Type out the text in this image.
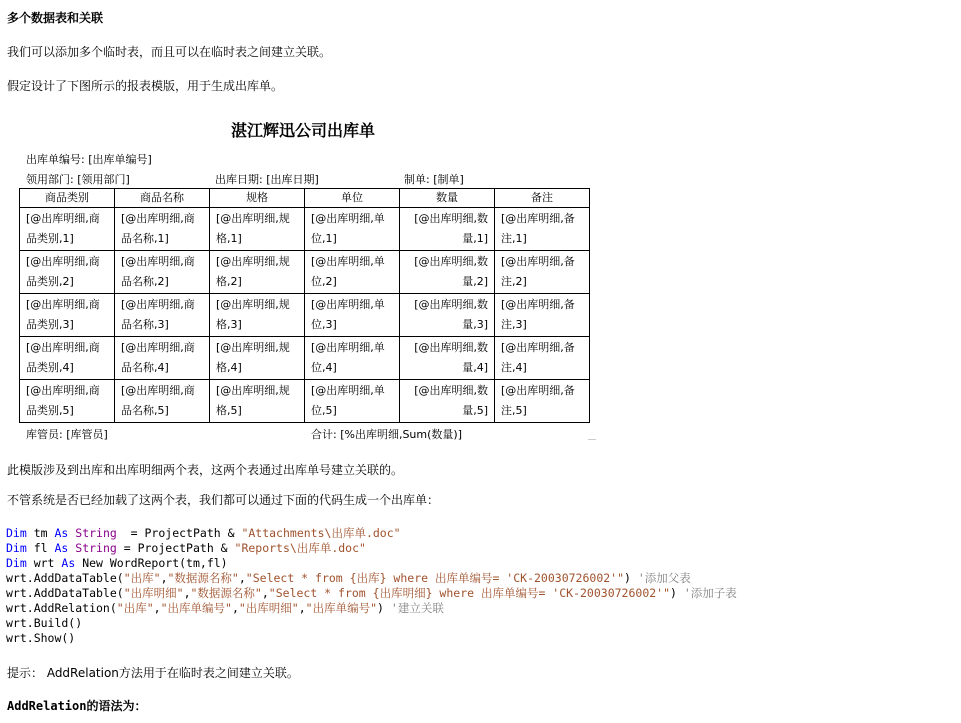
多个数据表和关联
我们可以添加多个临时表，而且可以在临时表之间建立关联。
假定设计了下图所示的报表模版，用于生成出库单。
湛江辉迅公司出库单
出库单编号: [出库单编号]
领用部门: [领用部门]	出库日期: [出库日期]	制单: [制单]
商品类别	商品名称	规格	单位	数量	备注

[@出库明细,商
品类别,1]	[@出库明细,商
品名称,1]	[@出库明细,规
格,1]	[@出库明细,单
位,1]	[@出库明细,数
量,1]	[@出库明细,备
注,1]

[@出库明细,商
品类别,2]	[@出库明细,商
品名称,2]	[@出库明细,规
格,2]	[@出库明细,单
位,2]	[@出库明细,数
量,2]	[@出库明细,备
注,2]

[@出库明细,商
品类别,3]	[@出库明细,商
品名称,3]	[@出库明细,规
格,3]	[@出库明细,单
位,3]	[@出库明细,数
量,3]	[@出库明细,备
注,3]

[@出库明细,商
品类别,4]	[@出库明细,商
品名称,4]	[@出库明细,规
格,4]	[@出库明细,单
位,4]	[@出库明细,数
量,4]	[@出库明细,备
注,4]

[@出库明细,商
品类别,5]	[@出库明细,商
品名称,5]	[@出库明细,规
格,5]	[@出库明细,单
位,5]	[@出库明细,数
量,5]	[@出库明细,备
注,5]
库管员: [库管员]	合计: [%出库明细,Sum(数量)]
此模版涉及到出库和出库明细两个表，这两个表通过出库单号建立关联的。
不管系统是否已经加载了这两个表，我们都可以通过下面的代码生成一个出库单：
Dim tm As String  = ProjectPath & "Attachments\出库单.doc"
Dim fl As String = ProjectPath & "Reports\出库单.doc"
Dim wrt As New WordReport(tm,fl)
wrt.AddDataTable("出库","数据源名称","Select * from {出库} where 出库单编号= 'CK-20030726002'") '添加父表
wrt.AddDataTable("出库明细","数据源名称","Select * from {出库明细} where 出库单编号= 'CK-20030726002'") '添加子表
wrt.AddRelation("出库","出库单编号","出库明细","出库单编号") '建立关联
wrt.Build()
wrt.Show()
提示： AddRelation方法用于在临时表之间建立关联。
AddRelation的语法为：
